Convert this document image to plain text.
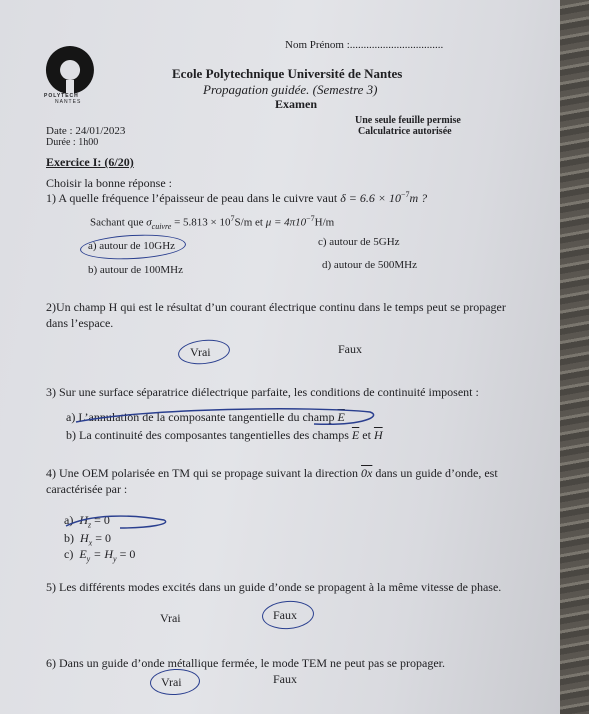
Nom Prénom :..................................
POLYTECH
NANTES
Ecole Polytechnique Université de Nantes
Propagation guidée. (Semestre 3)
Examen
Date : 24/01/2023
Durée : 1h00
Une seule feuille permise
Calculatrice autorisée
Exercice I: (6/20)
Choisir la bonne réponse :
1) A quelle fréquence l’épaisseur de peau dans le cuivre vaut $\delta = 6.6 \times 10^{-7}m$ ?
Sachant que $\sigma_{cuivre} = 5.813 \times 10^7S/m$ et $\mu = 4\pi 10^{-7}H/m$
a) autour de 10GHz	c) autour de 5GHz
b) autour de 100MHz	d) autour de 500MHz
2)Un champ H qui est le résultat d’un courant électrique continu dans le temps peut se propager
dans l’espace.
Vrai	Faux
3) Sur une surface séparatrice diélectrique parfaite, les conditions de continuité imposent :
a) L’annulation de la composante tangentielle du champ $\overline{E}$
b) La continuité des composantes tangentielles des champs $\overline{E}$ et $\overline{H}$
4) Une OEM polarisée en TM qui se propage suivant la direction 0x dans un guide d’onde, est
caractérisée par :
a) $H_z = 0$
b) $H_x = 0$
c) $E_y = H_y = 0$
5) Les différents modes excités dans un guide d’onde se propagent à la même vitesse de phase.
Vrai	Faux
6) Dans un guide d’onde métallique fermée, le mode TEM ne peut pas se propager.
Vrai	Faux
